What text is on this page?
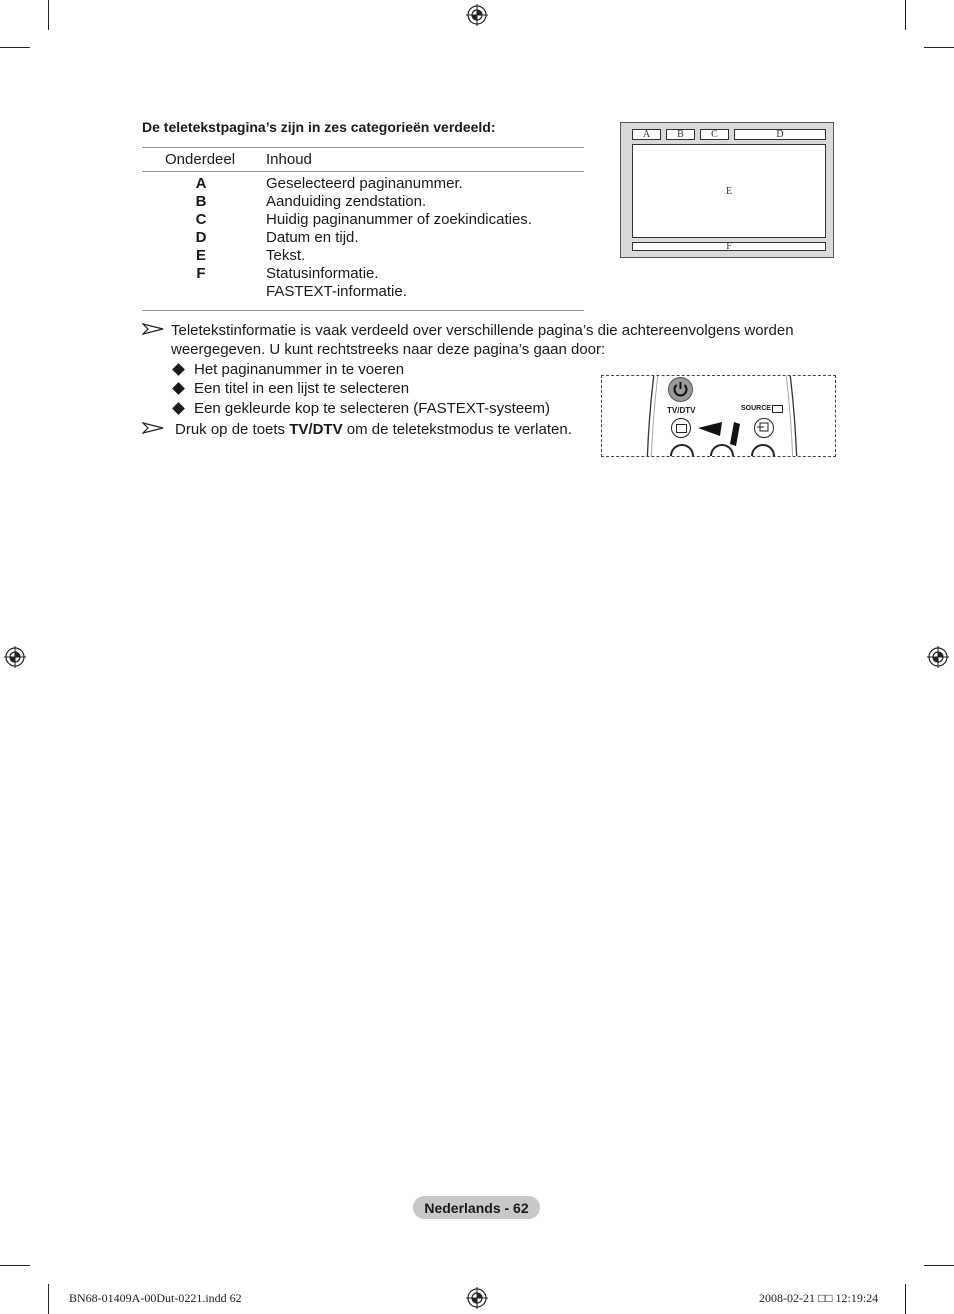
De teletekstpagina’s zijn in zes categorieën verdeeld:
Onderdeel Inhoud
A	Geselecteerd paginanummer.
B	Aanduiding zendstation.
C	Huidig paginanummer of zoekindicaties.
D	Datum en tijd.
E	Tekst.
F	Statusinformatie.
FASTEXT-informatie.
A	B	C	D
E
F
Teletekstinformatie is vaak verdeeld over verschillende pagina’s die achtereenvolgens worden
weergegeven. U kunt rechtstreeks naar deze pagina’s gaan door:
Het paginanummer in te voeren
Een titel in een lijst te selecteren
Een gekleurde kop te selecteren (FASTEXT-systeem)
Druk op de toets TV/DTV om de teletekstmodus te verlaten.
TV/DTV	SOURCE
Nederlands - 62
BN68-01409A-00Dut-0221.indd 62	2008-02-21 □□ 12:19:24
